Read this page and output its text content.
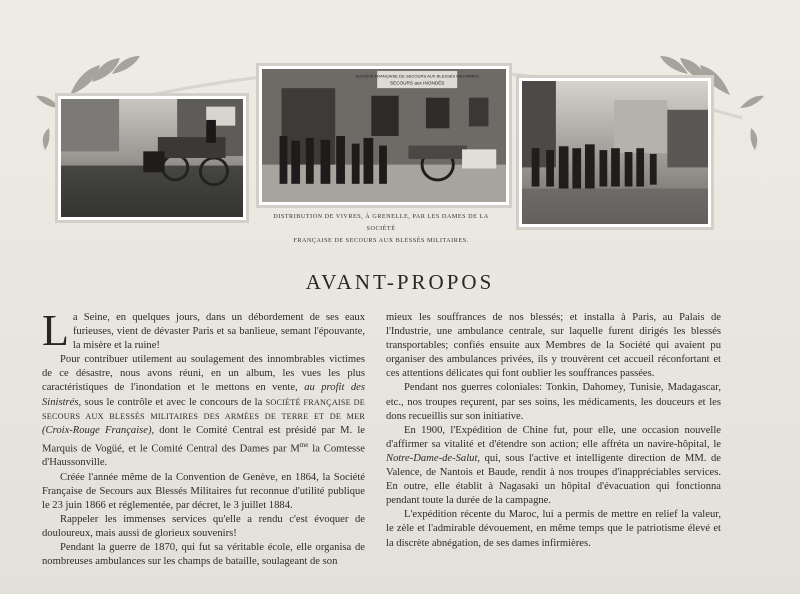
SOCIÉTÉ FRANÇAISE DE SECOURS AUX BLESSÉS MILITAIRES
SECOURS aux INONDÉS
DISTRIBUTION DE VIVRES, À GRENELLE, PAR LES DAMES DE LA SOCIÉTÉ
FRANÇAISE DE SECOURS AUX BLESSÉS MILITAIRES.
AVANT-PROPOS

La Seine, en quelques jours, dans un débordement de ses eaux furieuses, vient de dévaster Paris et sa banlieue, semant l'épouvante, la misère et la ruine!

Pour contribuer utilement au soulagement des innombrables victimes de ce désastre, nous avons réuni, en un album, les vues les plus caractéristiques de l'inondation et le mettons en vente, au profit des Sinistrés, sous le contrôle et avec le concours de la SOCIÉTÉ FRANÇAISE DE SECOURS AUX BLESSÉS MILITAIRES DES ARMÉES DE TERRE ET DE MER (Croix-Rouge Française), dont le Comité Central est présidé par M. le Marquis de Vogüé, et le Comité Central des Dames par $M^{me}$ la Comtesse d'Haussonville.

Créée l'année même de la Convention de Genève, en 1864, la Société Française de Secours aux Blessés Militaires fut reconnue d'utilité publique le 23 juin 1866 et réglementée, par décret, le 3 juillet 1884.

Rappeler les immenses services qu'elle a rendu c'est évoquer de douloureux, mais aussi de glorieux souvenirs!

Pendant la guerre de 1870, qui fut sa véritable école, elle organisa de nombreuses ambulances sur les champs de bataille, soulageant de son

mieux les souffrances de nos blessés; et installa à Paris, au Palais de l'Industrie, une ambulance centrale, sur laquelle furent dirigés les blessés transportables; confiés ensuite aux Membres de la Société qui avaient pu organiser des ambulances privées, ils y trouvèrent cet accueil réconfortant et ces attentions délicates qui font oublier les souffrances passées.

Pendant nos guerres coloniales: Tonkin, Dahomey, Tunisie, Madagascar, etc., nos troupes reçurent, par ses soins, les médicaments, les douceurs et les dons recueillis sur son initiative.

En 1900, l'Expédition de Chine fut, pour elle, une occasion nouvelle d'affirmer sa vitalité et d'étendre son action; elle affréta un navire-hôpital, le Notre-Dame-de-Salut, qui, sous l'active et intelligente direction de MM. de Valence, de Nantois et Baude, rendit à nos troupes d'inappréciables services. En outre, elle établit à Nagasaki un hôpital d'évacuation qui fonctionna pendant toute la durée de la campagne.

L'expédition récente du Maroc, lui a permis de mettre en relief la valeur, le zèle et l'admirable dévouement, en même temps que le patriotisme élevé et la discrète abnégation, de ses dames infirmières.
